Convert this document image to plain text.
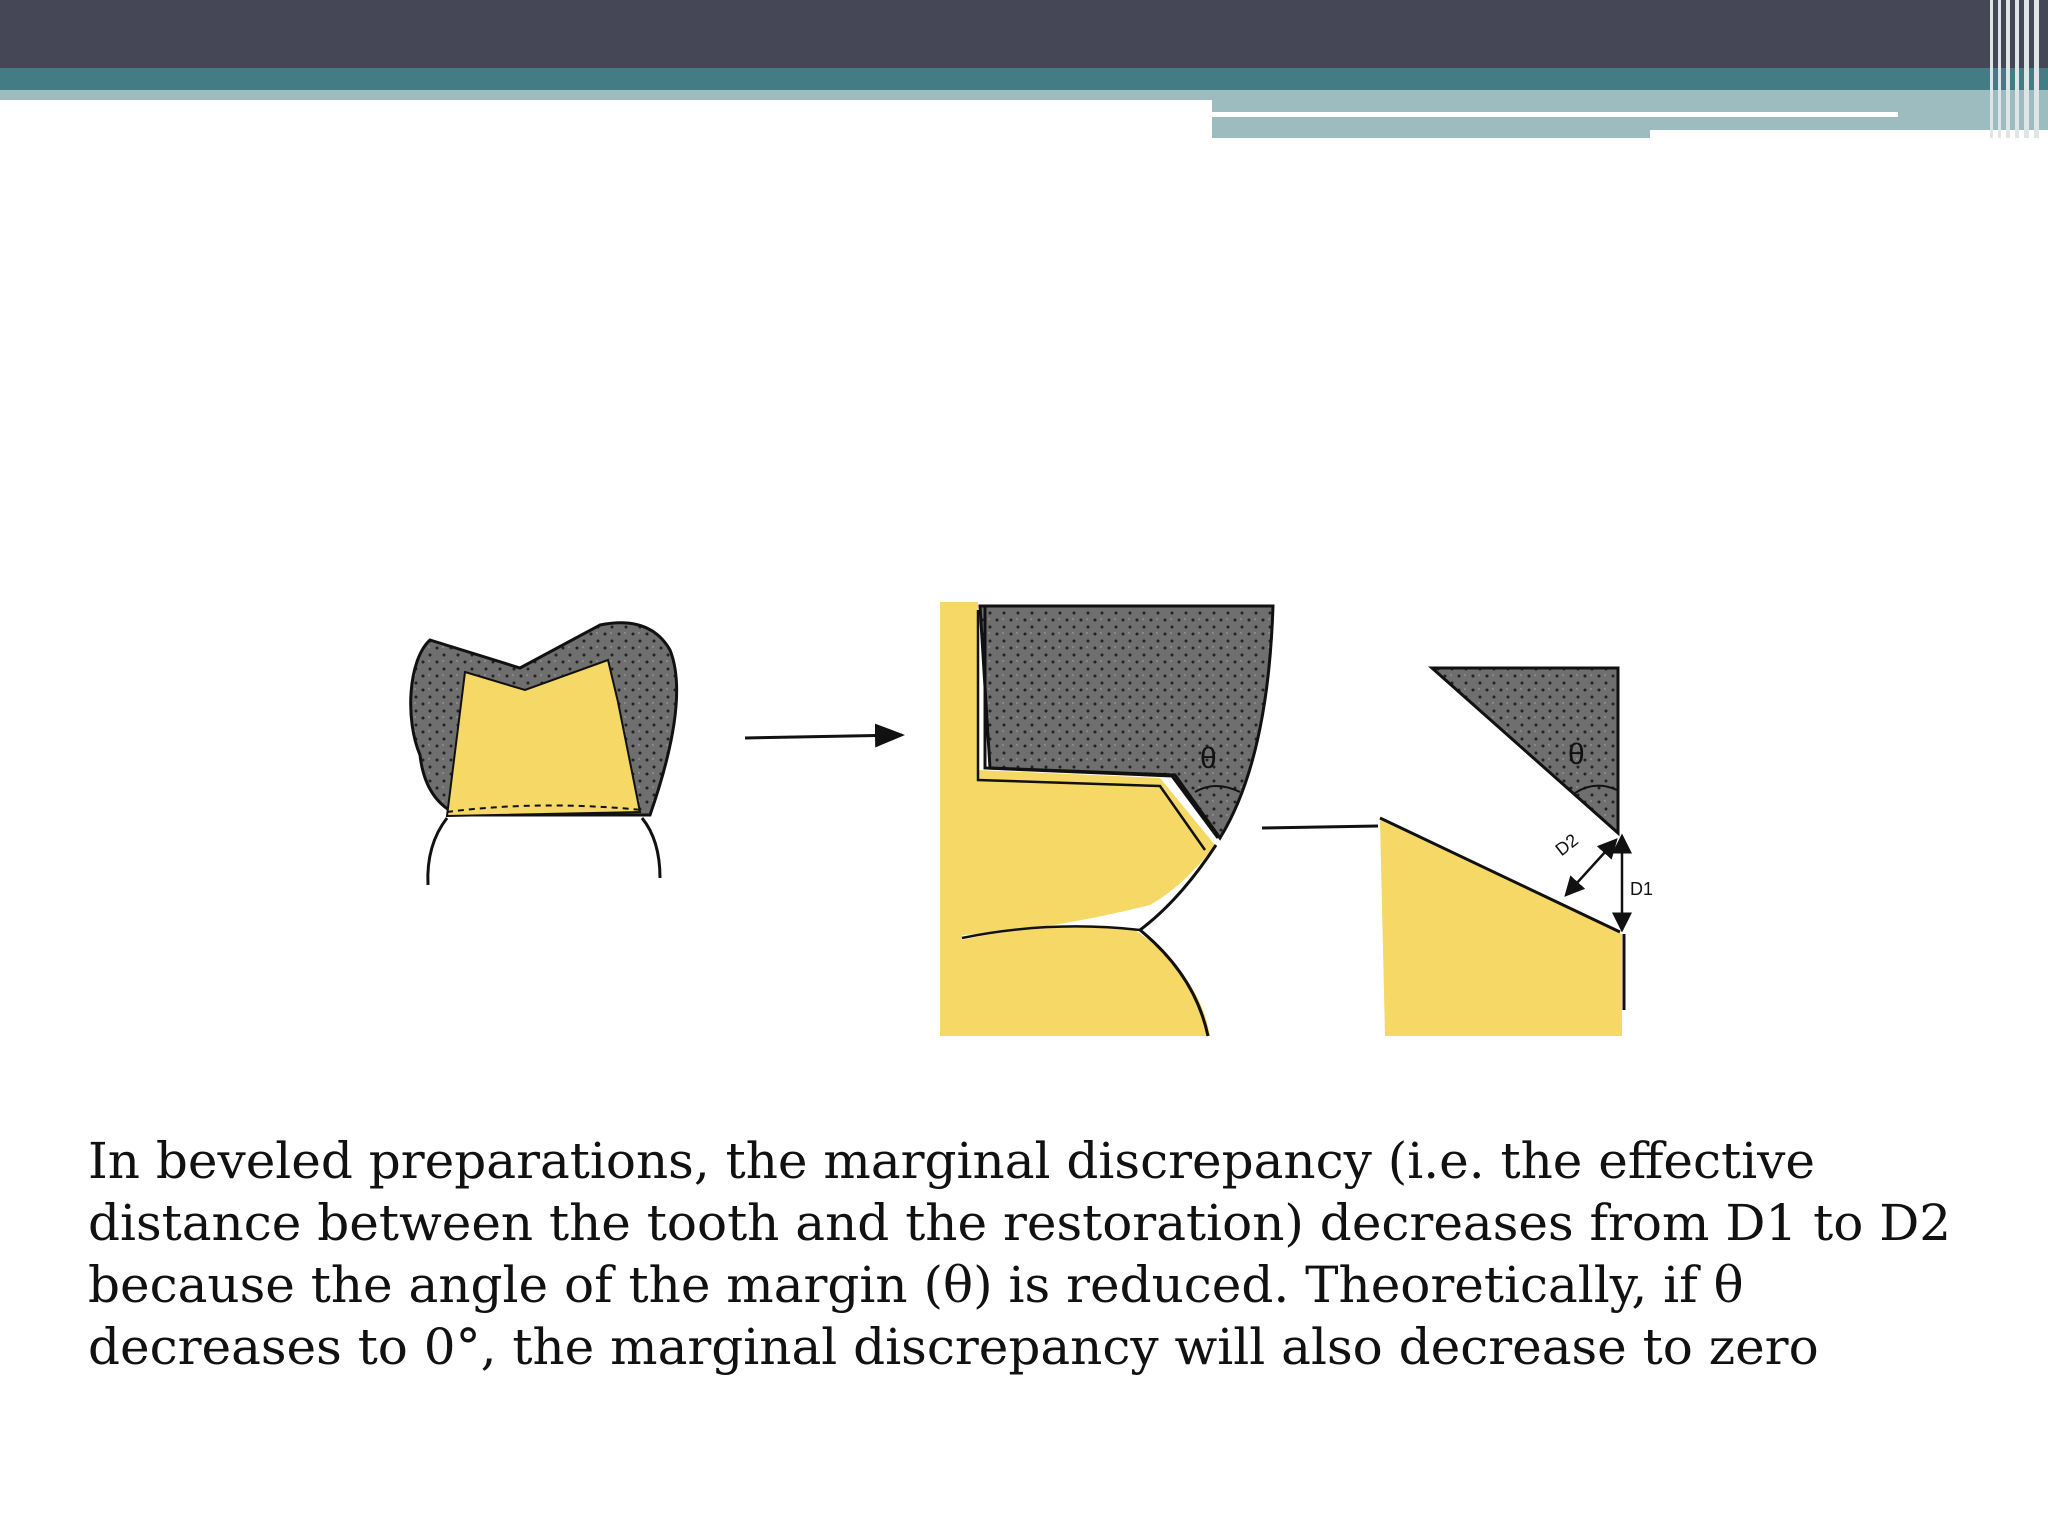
θ	θ
D2
D1

In beveled preparations, the marginal discrepancy (i.e. the effective distance between the tooth and the restoration) decreases from D1 to D2 because the angle of the margin (θ) is reduced. Theoretically, if θ decreases to 0°, the marginal discrepancy will also decrease to zero
